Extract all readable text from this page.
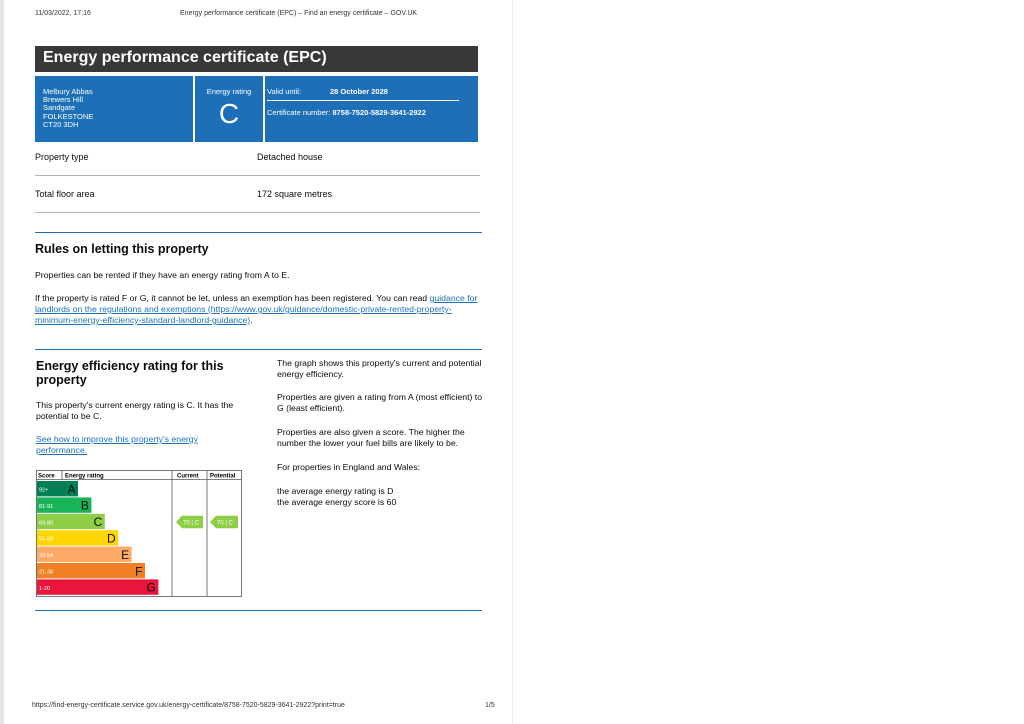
11/03/2022, 17:16	Energy performance certificate (EPC) – Find an energy certificate – GOV.UK
Energy performance certificate (EPC)
Melbury Abbas
Brewers Hill
Sandgate
FOLKESTONE
CT20 3DH
Energy rating
C
Valid until:	28 October 2028
Certificate number: 8758-7520-5829-3641-2922
Property type	Detached house
Total floor area	172 square metres
Rules on letting this property
Properties can be rented if they have an energy rating from A to E.
If the property is rated F or G, it cannot be let, unless an exemption has been registered. You can read guidance for landlords on the regulations and exemptions (https://www.gov.uk/guidance/domestic-private-rented-property-minimum-energy-efficiency-standard-landlord-guidance).
Energy efficiency rating for this property
This property's current energy rating is C. It has the potential to be C.
See how to improve this property's energy performance.
The graph shows this property's current and potential energy efficiency.
Properties are given a rating from A (most efficient) to G (least efficient).
Properties are also given a score. The higher the number the lower your fuel bills are likely to be.
For properties in England and Wales:
the average energy rating is D
the average energy score is 60
Score Energy rating	Current Potential
92+ A
81-91 B
69-80	C
55-68	D
39-54	E
21-38	F
1-20	G
70 | C	70 | C
https://find-energy-certificate.service.gov.uk/energy-certificate/8758-7520-5829-3641-2922?print=true	1/5
